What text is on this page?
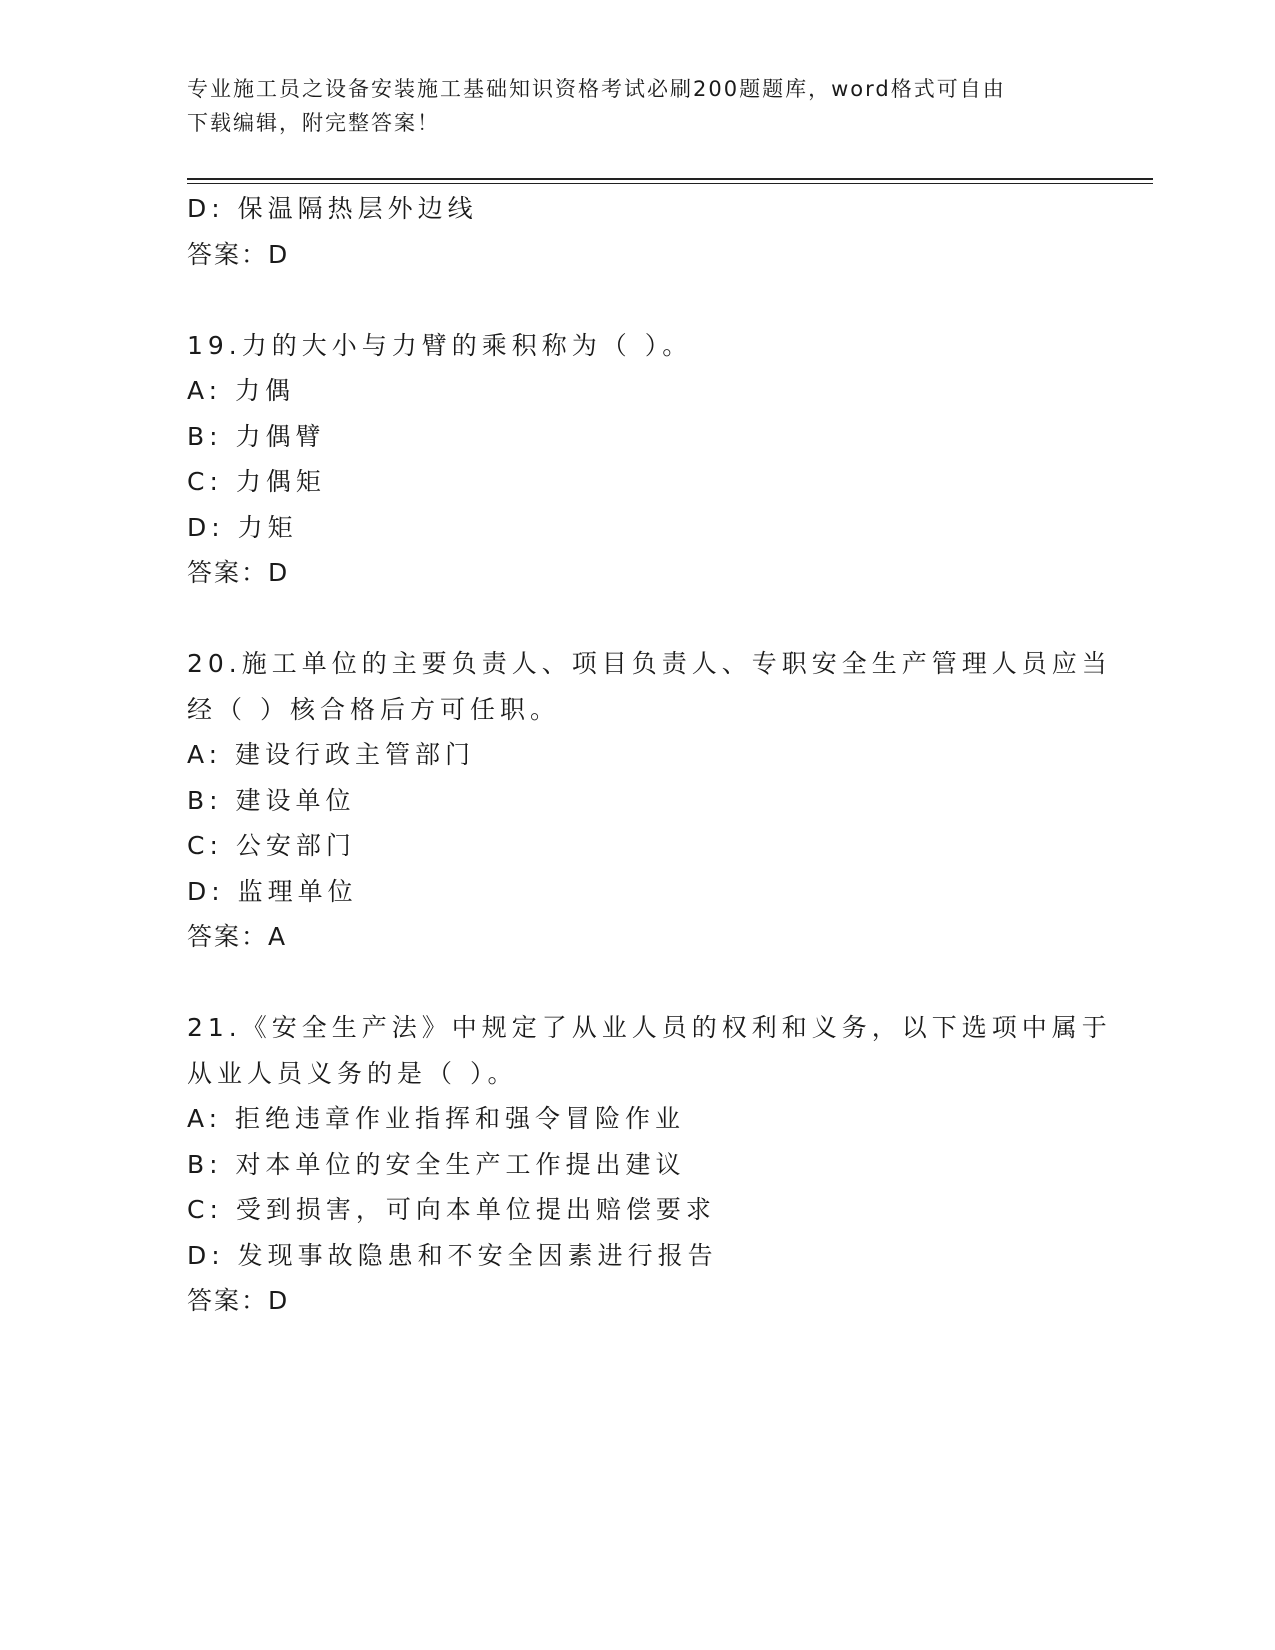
专业施工员之设备安装施工基础知识资格考试必刷200题题库，word格式可自由
下载编辑，附完整答案！
D: 保温隔热层外边线
答案：D
19.力的大小与力臂的乘积称为（ ）。
A: 力偶
B: 力偶臂
C: 力偶矩
D: 力矩
答案：D
20.施工单位的主要负责人、项目负责人、专职安全生产管理人员应当
经（ ）核合格后方可任职。
A: 建设行政主管部门
B: 建设单位
C: 公安部门
D: 监理单位
答案：A
21.《安全生产法》中规定了从业人员的权利和义务，以下选项中属于
从业人员义务的是（ ）。
A: 拒绝违章作业指挥和强令冒险作业
B: 对本单位的安全生产工作提出建议
C: 受到损害，可向本单位提出赔偿要求
D: 发现事故隐患和不安全因素进行报告
答案：D
